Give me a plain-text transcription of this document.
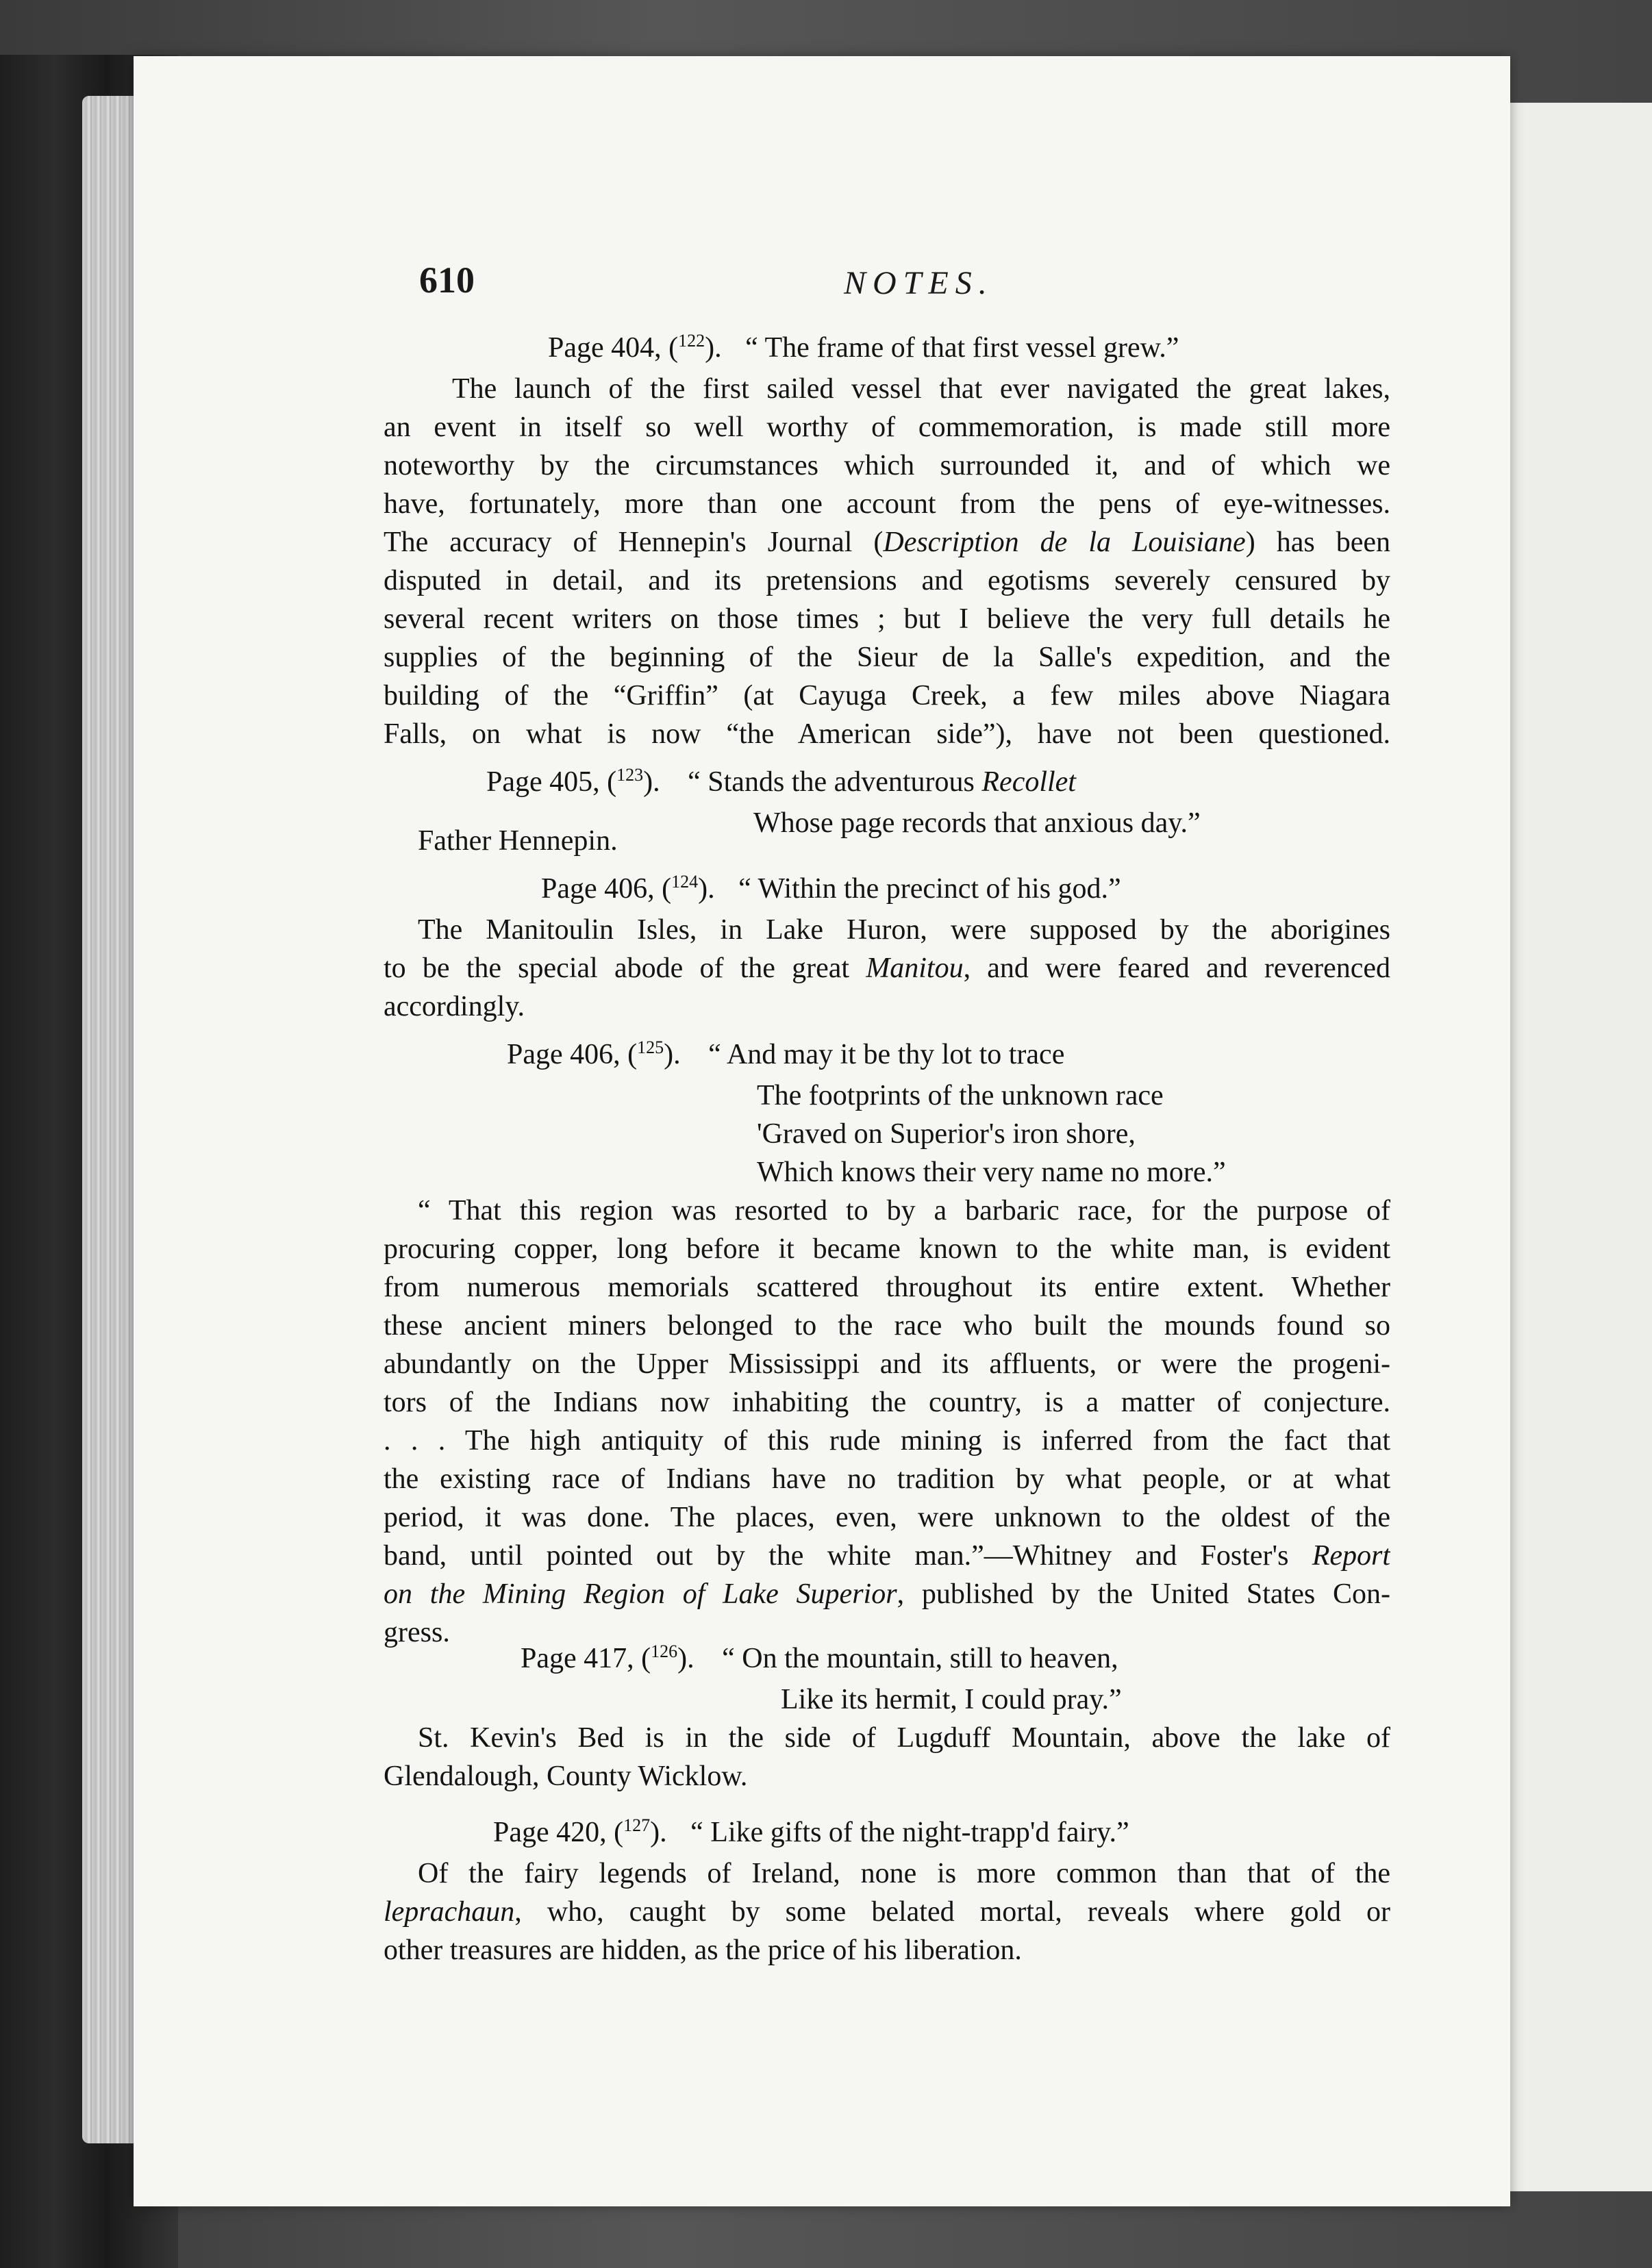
610	NOTES.
Page 404, ($^{122}$). “ The frame of that first vessel grew.”
The launch of the first sailed vessel that ever navigated the great lakes,
an event in itself so well worthy of commemoration, is made still more
noteworthy by the circumstances which surrounded it, and of which we
have, fortunately, more than one account from the pens of eye-witnesses.
The accuracy of Hennepin's Journal (Description de la Louisiane) has been
disputed in detail, and its pretensions and egotisms severely censured by
several recent writers on those times ; but I believe the very full details he
supplies of the beginning of the Sieur de la Salle's expedition, and the
building of the “Griffin” (at Cayuga Creek, a few miles above Niagara
Falls, on what is now “the American side”), have not been questioned.
Page 405, ($^{123}$). “ Stands the adventurous Recollet
Whose page records that anxious day.”
Father Hennepin.
Page 406, ($^{124}$). “ Within the precinct of his god.”
The Manitoulin Isles, in Lake Huron, were supposed by the aborigines
to be the special abode of the great Manitou, and were feared and reverenced
accordingly.
Page 406, ($^{125}$). “ And may it be thy lot to trace
The footprints of the unknown race
'Graved on Superior's iron shore,
Which knows their very name no more.”
“ That this region was resorted to by a barbaric race, for the purpose of
procuring copper, long before it became known to the white man, is evident
from numerous memorials scattered throughout its entire extent. Whether
these ancient miners belonged to the race who built the mounds found so
abundantly on the Upper Mississippi and its affluents, or were the progeni-
tors of the Indians now inhabiting the country, is a matter of conjecture.
. . . The high antiquity of this rude mining is inferred from the fact that
the existing race of Indians have no tradition by what people, or at what
period, it was done. The places, even, were unknown to the oldest of the
band, until pointed out by the white man.”—Whitney and Foster's Report
on the Mining Region of Lake Superior, published by the United States Con-
gress.
Page 417, ($^{126}$). “ On the mountain, still to heaven,
Like its hermit, I could pray.”
St. Kevin's Bed is in the side of Lugduff Mountain, above the lake of
Glendalough, County Wicklow.
Page 420, ($^{127}$). “ Like gifts of the night-trapp'd fairy.”
Of the fairy legends of Ireland, none is more common than that of the
leprachaun, who, caught by some belated mortal, reveals where gold or
other treasures are hidden, as the price of his liberation.
